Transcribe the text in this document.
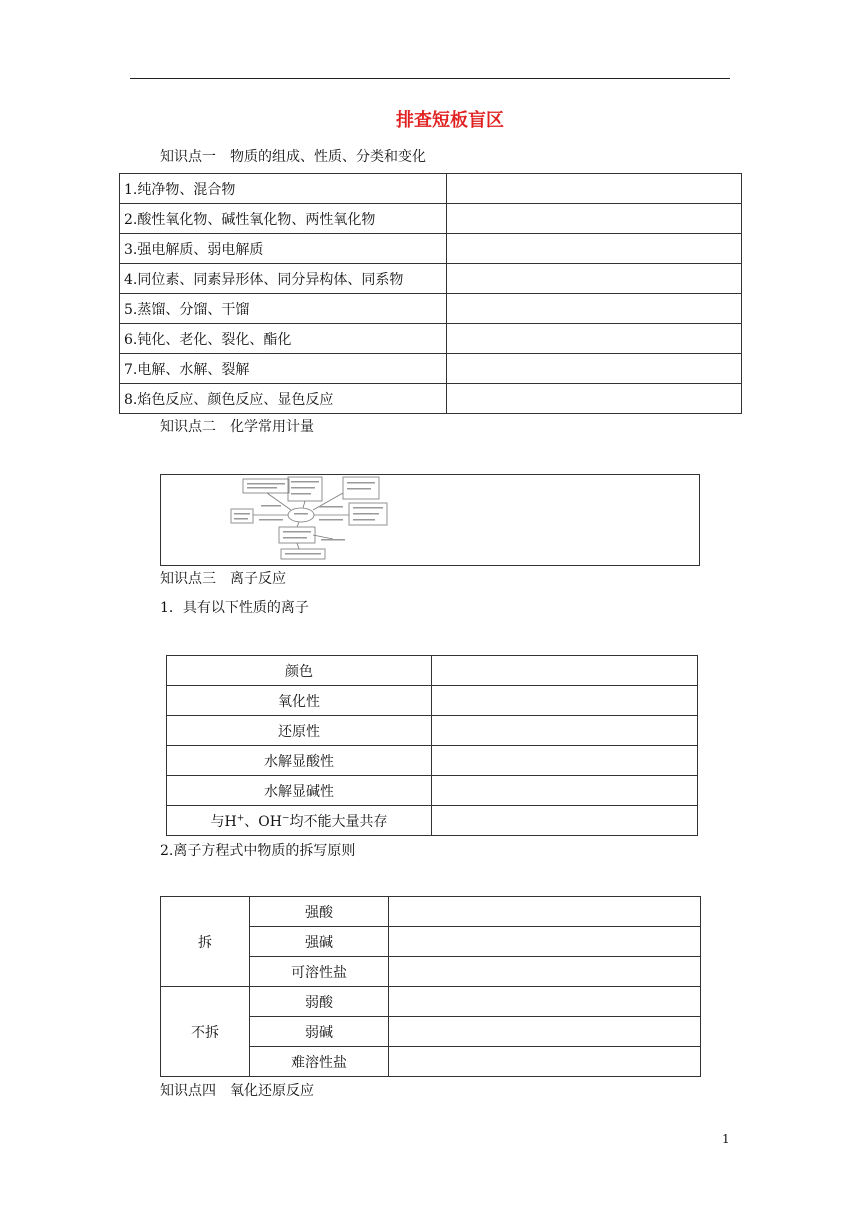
排查短板盲区
知识点一　物质的组成、性质、分类和变化
1.纯净物、混合物	
2.酸性氧化物、碱性氧化物、两性氧化物	
3.强电解质、弱电解质	
4.同位素、同素异形体、同分异构体、同系物	
5.蒸馏、分馏、干馏	
6.钝化、老化、裂化、酯化	
7.电解、水解、裂解	
8.焰色反应、颜色反应、显色反应	
知识点二　化学常用计量
知识点三　离子反应
1．具有以下性质的离子
颜色	
氧化性	
还原性	
水解显酸性	
水解显碱性	
与H+、OH−均不能大量共存	
2.离子方程式中物质的拆写原则
拆	强酸	
	强碱	
	可溶性盐	
不拆	弱酸	
	弱碱	
	难溶性盐	
知识点四　氧化还原反应
1
